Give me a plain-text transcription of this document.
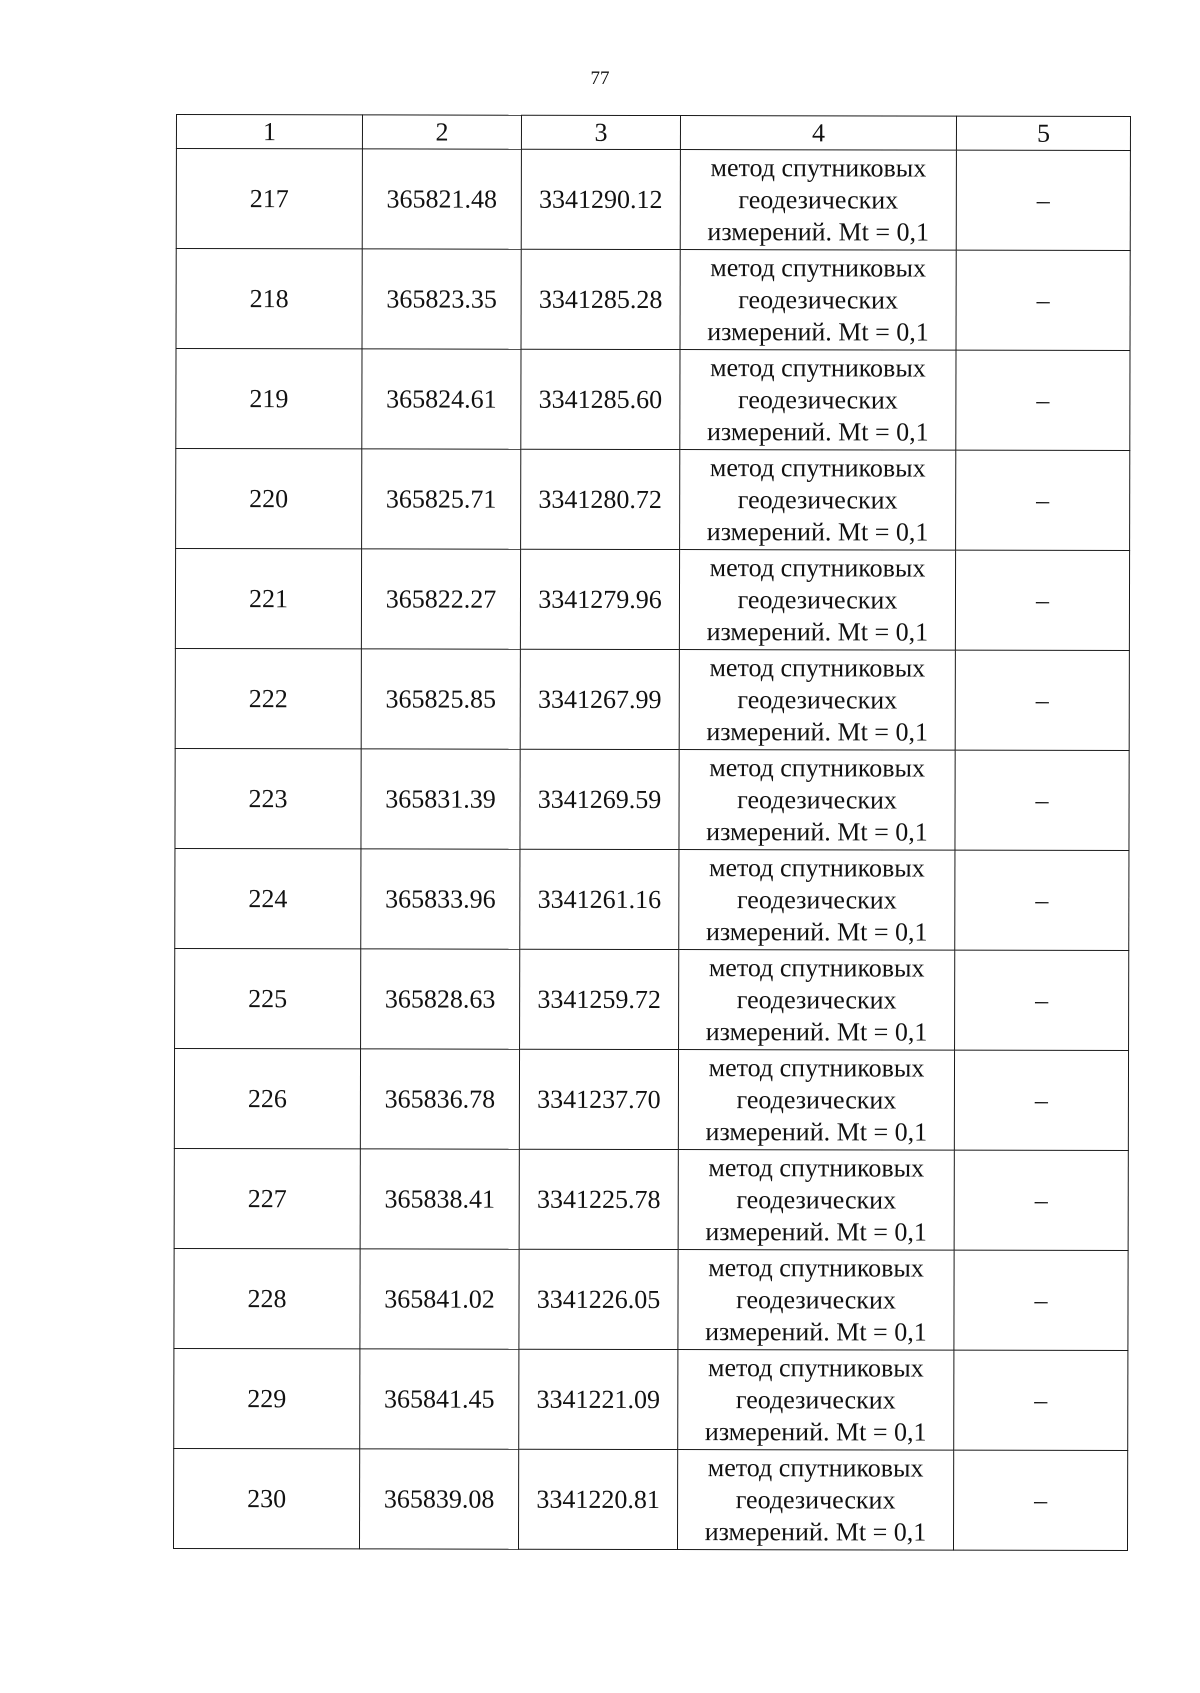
77
1	2	3	4	5
217	365821.48	3341290.12	метод спутниковых
геодезических
измерений. Mt = 0,1	–
218	365823.35	3341285.28	метод спутниковых
геодезических
измерений. Mt = 0,1	–
219	365824.61	3341285.60	метод спутниковых
геодезических
измерений. Mt = 0,1	–
220	365825.71	3341280.72	метод спутниковых
геодезических
измерений. Mt = 0,1	–
221	365822.27	3341279.96	метод спутниковых
геодезических
измерений. Mt = 0,1	–
222	365825.85	3341267.99	метод спутниковых
геодезических
измерений. Mt = 0,1	–
223	365831.39	3341269.59	метод спутниковых
геодезических
измерений. Mt = 0,1	–
224	365833.96	3341261.16	метод спутниковых
геодезических
измерений. Mt = 0,1	–
225	365828.63	3341259.72	метод спутниковых
геодезических
измерений. Mt = 0,1	–
226	365836.78	3341237.70	метод спутниковых
геодезических
измерений. Mt = 0,1	–
227	365838.41	3341225.78	метод спутниковых
геодезических
измерений. Mt = 0,1	–
228	365841.02	3341226.05	метод спутниковых
геодезических
измерений. Mt = 0,1	–
229	365841.45	3341221.09	метод спутниковых
геодезических
измерений. Mt = 0,1	–
230	365839.08	3341220.81	метод спутниковых
геодезических
измерений. Mt = 0,1	–
